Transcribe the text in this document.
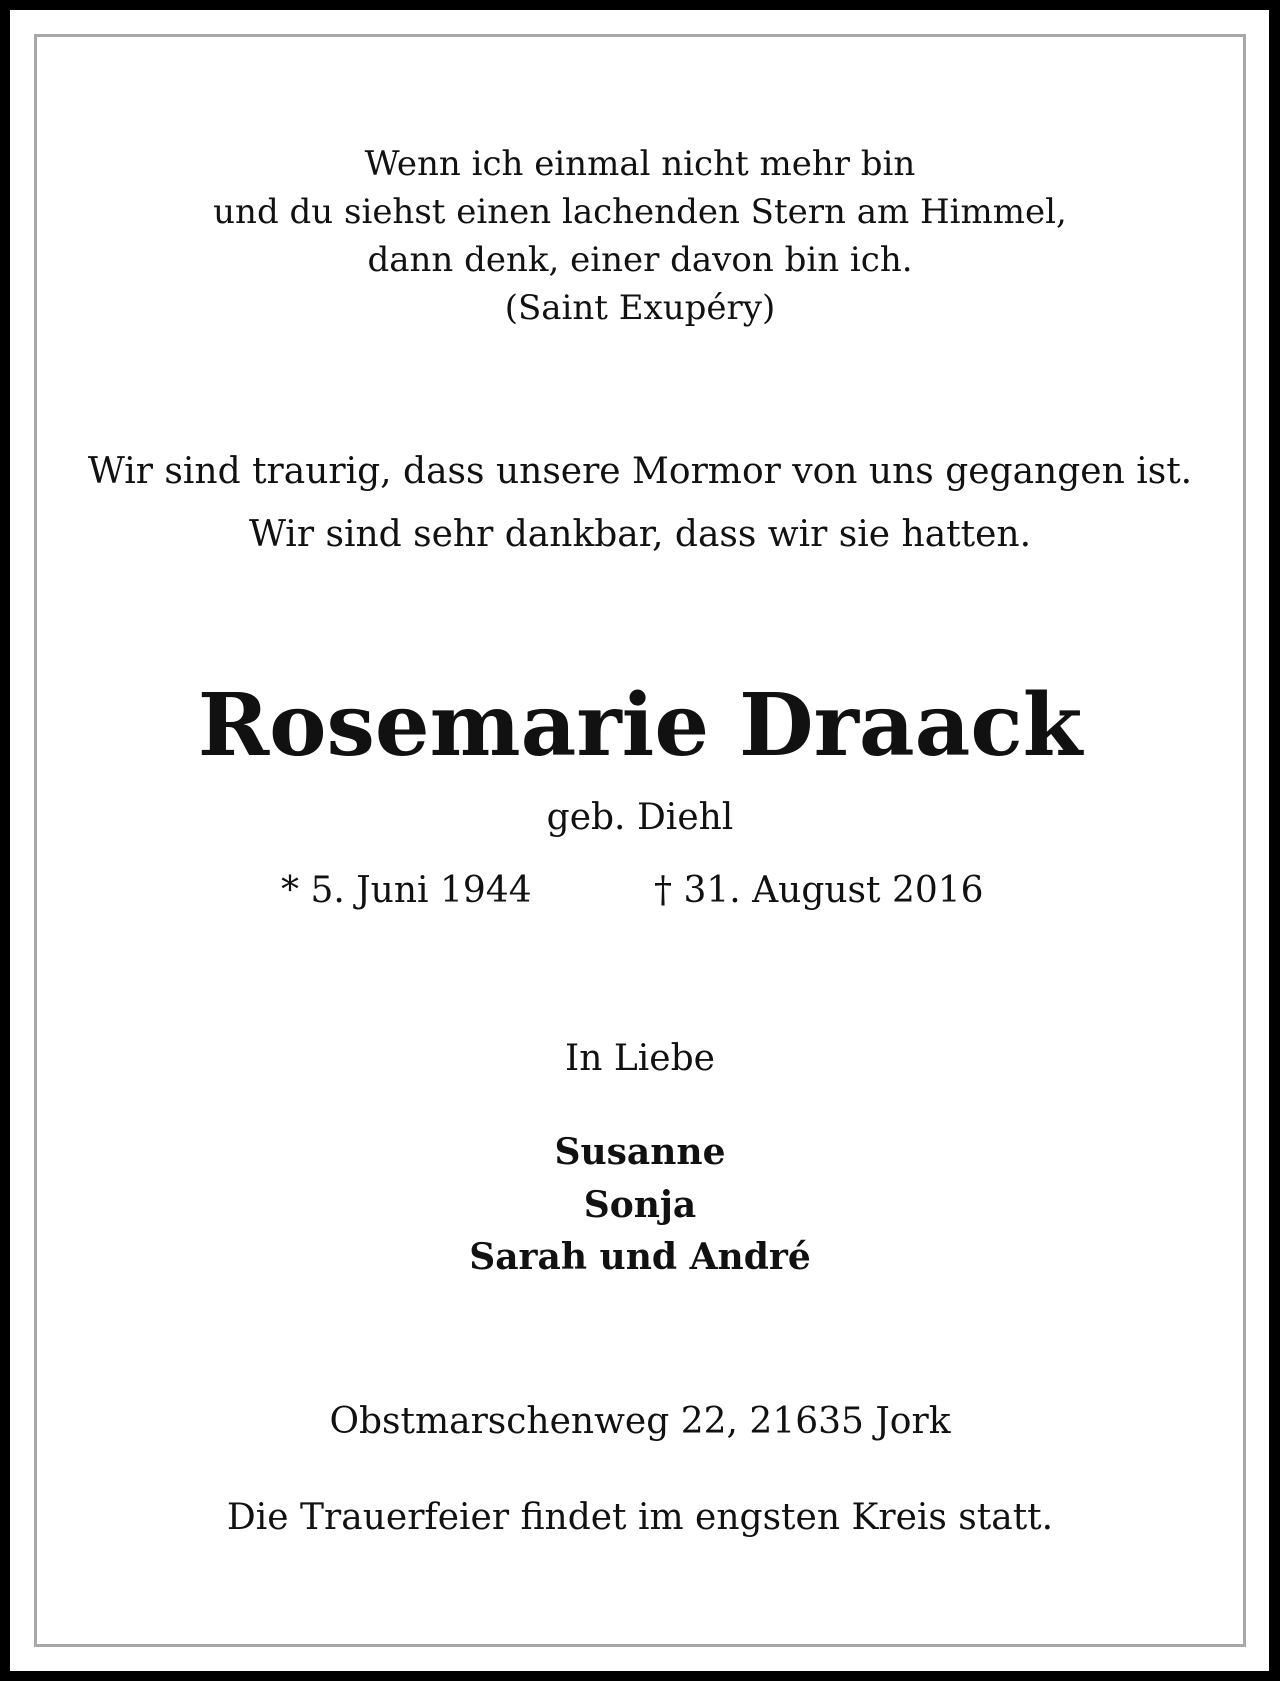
Wenn ich einmal nicht mehr bin

und du siehst einen lachenden Stern am Himmel,

dann denk, einer davon bin ich.

(Saint Exupéry)

Wir sind traurig, dass unsere Mormor von uns gegangen ist.

Wir sind sehr dankbar, dass wir sie hatten.

Rosemarie Draack

geb. Diehl

* 5. Juni 1944	† 31. August 2016

In Liebe

Susanne

Sonja

Sarah und André

Obstmarschenweg 22, 21635 Jork

Die Trauerfeier findet im engsten Kreis statt.
